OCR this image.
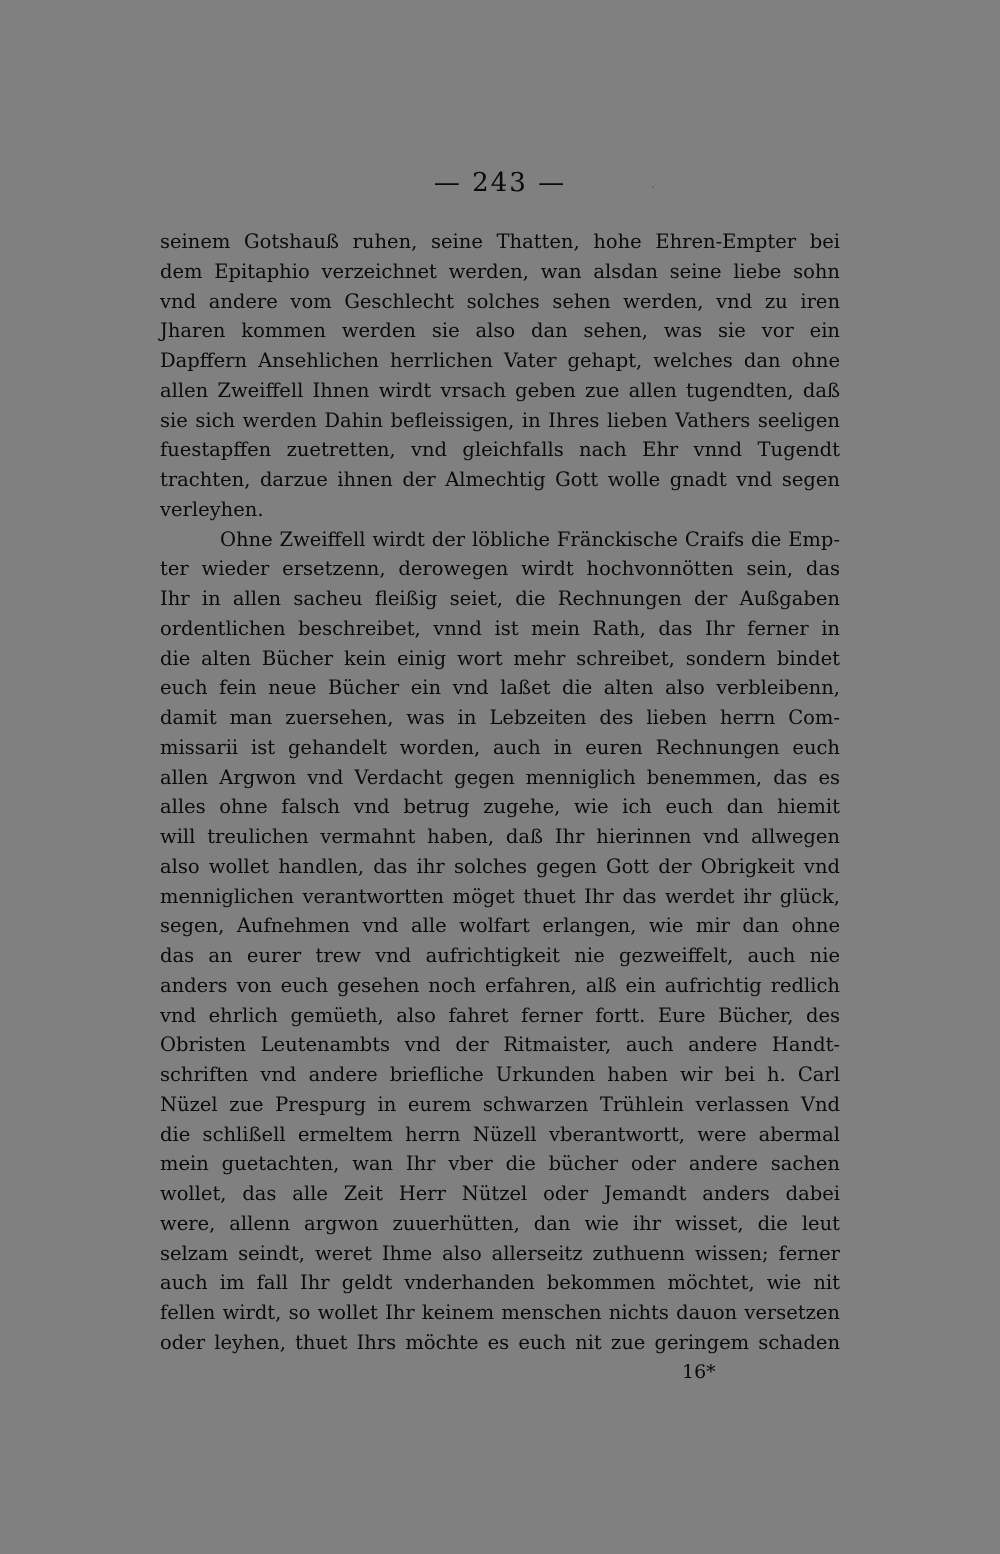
— 243 —
seinem Gotshauß ruhen, seine Thatten, hohe Ehren-Empter bei
dem Epitaphio verzeichnet werden, wan alsdan seine liebe sohn
vnd andere vom Geschlecht solches sehen werden, vnd zu iren
Jharen kommen werden sie also dan sehen, was sie vor ein
Dapffern Ansehlichen herrlichen Vater gehapt, welches dan ohne
allen Zweiffell Ihnen wirdt vrsach geben zue allen tugendten, daß
sie sich werden Dahin befleissigen, in Ihres lieben Vathers seeligen
fuestapffen zuetretten, vnd gleichfalls nach Ehr vnnd Tugendt
trachten, darzue ihnen der Almechtig Gott wolle gnadt vnd segen
verleyhen.
Ohne Zweiffell wirdt der löbliche Fränckische Craifs die Emp-
ter wieder ersetzenn, derowegen wirdt hochvonnötten sein, das
Ihr in allen sacheu fleißig seiet, die Rechnungen der Außgaben
ordentlichen beschreibet, vnnd ist mein Rath, das Ihr ferner in
die alten Bücher kein einig wort mehr schreibet, sondern bindet
euch fein neue Bücher ein vnd laßet die alten also verbleibenn,
damit man zuersehen, was in Lebzeiten des lieben herrn Com-
missarii ist gehandelt worden, auch in euren Rechnungen euch
allen Argwon vnd Verdacht gegen menniglich benemmen, das es
alles ohne falsch vnd betrug zugehe, wie ich euch dan hiemit
will treulichen vermahnt haben, daß Ihr hierinnen vnd allwegen
also wollet handlen, das ihr solches gegen Gott der Obrigkeit vnd
menniglichen verantwortten möget thuet Ihr das werdet ihr glück,
segen, Aufnehmen vnd alle wolfart erlangen, wie mir dan ohne
das an eurer trew vnd aufrichtigkeit nie gezweiffelt, auch nie
anders von euch gesehen noch erfahren, alß ein aufrichtig redlich
vnd ehrlich gemüeth, also fahret ferner fortt. Eure Bücher, des
Obristen Leutenambts vnd der Ritmaister, auch andere Handt-
schriften vnd andere briefliche Urkunden haben wir bei h. Carl
Nüzel zue Prespurg in eurem schwarzen Trühlein verlassen Vnd
die schlißell ermeltem herrn Nüzell vberantwortt, were abermal
mein guetachten, wan Ihr vber die bücher oder andere sachen
wollet, das alle Zeit Herr Nützel oder Jemandt anders dabei
were, allenn argwon zuuerhütten, dan wie ihr wisset, die leut
selzam seindt, weret Ihme also allerseitz zuthuenn wissen; ferner
auch im fall Ihr geldt vnderhanden bekommen möchtet, wie nit
fellen wirdt, so wollet Ihr keinem menschen nichts dauon versetzen
oder leyhen, thuet Ihrs möchte es euch nit zue geringem schaden
16*
